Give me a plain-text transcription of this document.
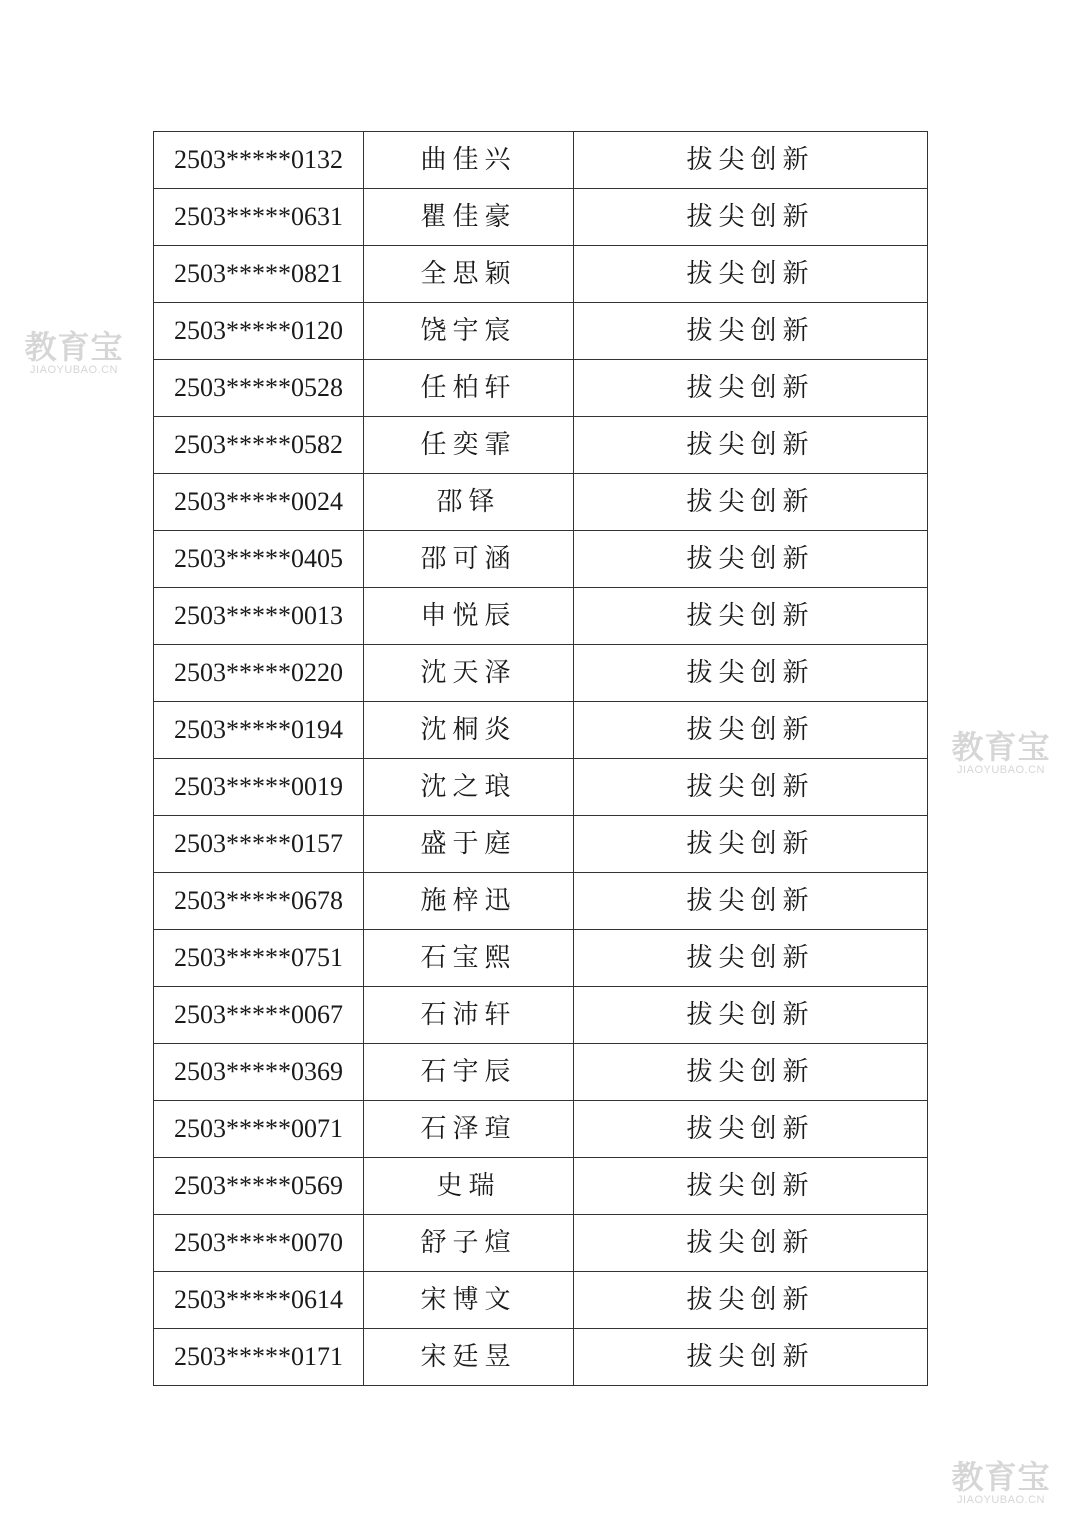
2503*****0132	曲佳兴	拔尖创新
2503*****0631	瞿佳豪	拔尖创新
2503*****0821	全思颖	拔尖创新
2503*****0120	饶宇宸	拔尖创新
2503*****0528	任柏轩	拔尖创新
2503*****0582	任奕霏	拔尖创新
2503*****0024	邵铎	拔尖创新
2503*****0405	邵可涵	拔尖创新
2503*****0013	申悦辰	拔尖创新
2503*****0220	沈天泽	拔尖创新
2503*****0194	沈桐炎	拔尖创新
2503*****0019	沈之琅	拔尖创新
2503*****0157	盛于庭	拔尖创新
2503*****0678	施梓迅	拔尖创新
2503*****0751	石宝熙	拔尖创新
2503*****0067	石沛轩	拔尖创新
2503*****0369	石宇辰	拔尖创新
2503*****0071	石泽瑄	拔尖创新
2503*****0569	史瑞	拔尖创新
2503*****0070	舒子煊	拔尖创新
2503*****0614	宋博文	拔尖创新
2503*****0171	宋廷昱	拔尖创新
教育宝
JIAOYUBAO.CN
教育宝
JIAOYUBAO.CN
教育宝
JIAOYUBAO.CN
